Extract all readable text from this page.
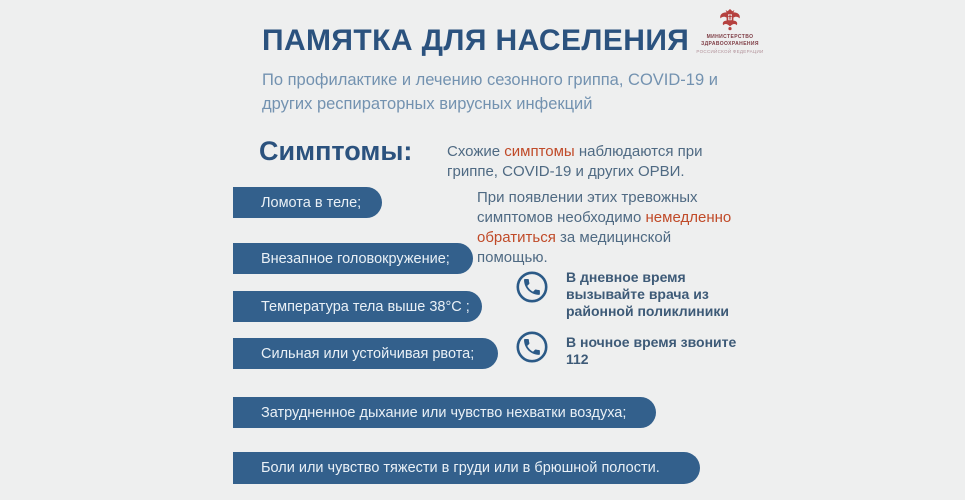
ПАМЯТКА ДЛЯ НАСЕЛЕНИЯ
По профилактике и лечению сезонного гриппа, COVID-19 и других респираторных вирусных инфекций
МИНИСТЕРСТВО
ЗДРАВООХРАНЕНИЯ
РОССИЙСКОЙ ФЕДЕРАЦИИ
Симптомы: Схожие симптомы наблюдаются при гриппе, COVID-19 и других ОРВИ.
При появлении этих тревожных симптомов необходимо немедленно обратиться за медицинской помощью.
В дневное время вызывайте врача из районной поликлиники
В ночное время звоните 112
Ломота в теле;
Внезапное головокружение;
Температура тела выше 38°С ;
Сильная или устойчивая рвота;
Затрудненное дыхание или чувство нехватки воздуха;
Боли или чувство тяжести в груди или в брюшной полости.
